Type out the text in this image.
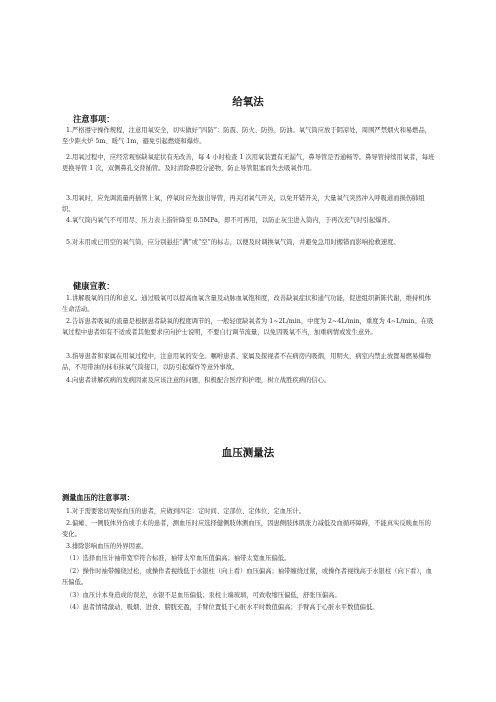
给氧法
注意事项：
1.严格遵守操作规程，注意用氧安全，切实做好“四防”：防震、防火、防热、防油。氧气筒应放于阴凉处，周围严禁烟火和易燃品，至少距火炉 5m、暖气 1m，避免引起燃烧和爆炸。
2.用氧过程中，应经常观察缺氧症状有无改善，每 4 小时检查 1 次用氧装置有无漏气，鼻导管是否通畅等。鼻导管持续用氧者，每班更换导管 1 次，双侧鼻孔交替插管。及时清除鼻腔分泌物，防止导管阻塞而失去吸氧作用。
3.用氧时，应先调流量再插管上氧，停氧时应先拔出导管，再关闭氧气开关，以免开错开关，大量氧气突然冲入呼吸道而损伤肺组织。
4.氧气筒内氧气不可用尽，压力表上指针降至 0.5MPa，即不可再用，以防止灰尘进入筒内，于再次充气时引起爆炸。
5.对未用或已用空的氧气筒，应分别悬挂“满”或“空”的标志，以便及时调换氧气筒，并避免急用时搬错而影响抢救速度。
健康宣教：
1.讲解吸氧的目的和意义。通过吸氧可以提高血氧含量及动脉血氧饱和度，改善缺氧症状和通气功能，促进组织新陈代谢，维持机体生命活动。
2.告诉患者吸氧的流量是根据患者缺氧的程度调节的，一般轻度缺氧者为 1~2L/min，中度为 2~4L/min，重度为 4~L/min。在吸氧过程中患者如有不适或者其他要求应向护士说明，不要自行调节流量，以免因吸氧不当，加重病情或发生意外。
3.指导患者和家属在用氧过程中，注意用氧的安全。嘱咐患者、家属及探视者不在病房内吸烟，用明火，病室内禁止放置易燃易爆物品，不用带油的抹布抹氧气筒接口，以防引起爆炸等意外事故。
4.向患者讲解疾病的发病因素及应该注意的问题，积极配合医疗和护理，树立战胜疾病的信心。
血压测量法
测量血压的注意事项：
1.对于需要密切观察血压的患者，应做到四定：定时间、定部位、定体位、定血压计。
2.偏瘫、一侧肢体外伤或手术的患者，测血压时应选择健侧肢体测血压，因患侧肢体肌张力减低及血循环障碍，不能真实反映血压的变化。
3.排除影响血压的外界因素。
（1）选择血压计袖带宽窄符合标准，袖带太窄血压值偏高；袖带太宽血压偏低。
（2）操作时袖带缠绕过松，或操作者视线低于水银柱（向上看）血压偏高；袖带缠绕过紧，或操作者视线高于水银柱（向下看），血压偏低。
（3）血压计本身造成的误差，水银不足血压偏低；汞柱上端玻璃，可致收缩压偏低，舒张压偏高。
（4）患者情绪激动、吸烟、进食、膀胱充盈，手臂位置低于心脏水平时数值偏高；手臂高于心脏水平数值偏低。
